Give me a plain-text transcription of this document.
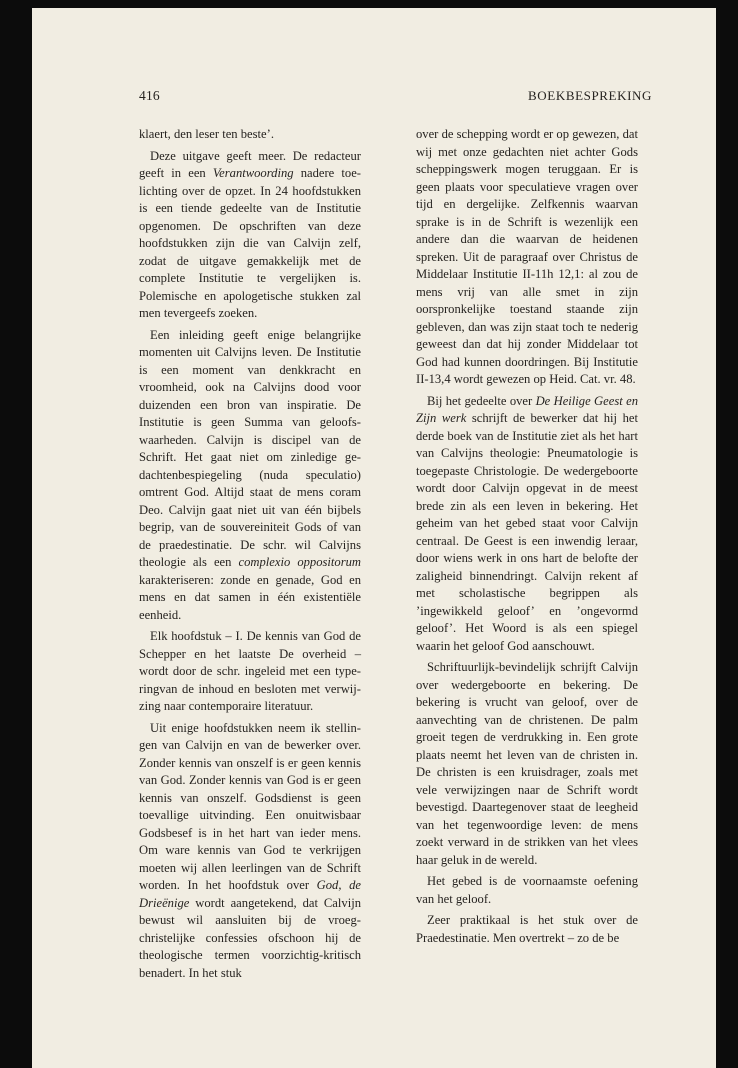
416	BOEKBESPREKING

klaert, den leser ten beste’.

Deze uitgave geeft meer. De redacteur geeft in een Verantwoording nadere toelichting over de opzet. In 24 hoofdstukken is een tiende gedeelte van de Institutie opgenomen. De opschriften van deze hoofdstukken zijn die van Calvijn zelf, zodat de uitgave gemakkelijk met de complete Institutie te vergelijken is. Polemische en apologetische stukken zal men tevergeefs zoeken.

Een inleiding geeft enige belangrijke momenten uit Calvijns leven. De Institutie is een moment van denkkracht en vroomheid, ook na Calvijns dood voor duizenden een bron van inspiratie. De Institutie is geen Summa van geloofswaarheden. Calvijn is discipel van de Schrift. Het gaat niet om zinledige gedachtenbespiegeling (nuda speculatio) omtrent God. Altijd staat de mens coram Deo. Calvijn gaat niet uit van één bijbels begrip, van de souvereiniteit Gods of van de praedestinatie. De schr. wil Calvijns theologie als een complexio oppositorum karakteriseren: zonde en genade, God en mens en dat samen in één existentiële eenheid.

Elk hoofdstuk – I. De kennis van God de Schepper en het laatste De overheid – wordt door de schr. ingeleid met een typeringvan de inhoud en besloten met verwijzing naar contemporaire literatuur.

Uit enige hoofdstukken neem ik stellingen van Calvijn en van de bewerker over. Zonder kennis van onszelf is er geen kennis van God. Zonder kennis van God is er geen kennis van onszelf. Godsdienst is geen toevallige uitvinding. Een onuitwisbaar Godsbesef is in het hart van ieder mens. Om ware kennis van God te verkrijgen moeten wij allen leerlingen van de Schrift worden. In het hoofdstuk over God, de Drieënige wordt aangetekend, dat Calvijn bewust wil aansluiten bij de vroeg-christelijke confessies ofschoon hij de theologische termen voorzichtig-kritisch benadert. In het stuk

over de schepping wordt er op gewezen, dat wij met onze gedachten niet achter Gods scheppingswerk mogen teruggaan. Er is geen plaats voor speculatieve vragen over tijd en dergelijke. Zelfkennis waarvan sprake is in de Schrift is wezenlijk een andere dan die waarvan de heidenen spreken. Uit de paragraaf over Christus de Middelaar Institutie II-11h 12,1: al zou de mens vrij van alle smet in zijn oorspronkelijke toestand staande zijn gebleven, dan was zijn staat toch te nederig geweest dan dat hij zonder Middelaar tot God had kunnen doordringen. Bij Institutie II-13,4 wordt gewezen op Heid. Cat. vr. 48.

Bij het gedeelte over De Heilige Geest en Zijn werk schrijft de bewerker dat hij het derde boek van de Institutie ziet als het hart van Calvijns theologie: Pneumatologie is toegepaste Christologie. De wedergeboorte wordt door Calvijn opgevat in de meest brede zin als een leven in bekering. Het geheim van het gebed staat voor Calvijn centraal. De Geest is een inwendig leraar, door wiens werk in ons hart de belofte der zaligheid binnendringt. Calvijn rekent af met scholastische begrippen als ’ingewikkeld geloof’ en ’ongevormd geloof’. Het Woord is als een spiegel waarin het geloof God aanschouwt.

Schriftuurlijk-bevindelijk schrijft Calvijn over wedergeboorte en bekering. De bekering is vrucht van geloof, over de aanvechting van de christenen. De palm groeit tegen de verdrukking in. Een grote plaats neemt het leven van de christen in. De christen is een kruisdrager, zoals met vele verwijzingen naar de Schrift wordt bevestigd. Daartegenover staat de leegheid van het tegenwoordige leven: de mens zoekt verward in de strikken van het vlees haar geluk in de wereld.

Het gebed is de voornaamste oefening van het geloof.

Zeer praktikaal is het stuk over de Praedestinatie. Men overtrekt – zo de be
